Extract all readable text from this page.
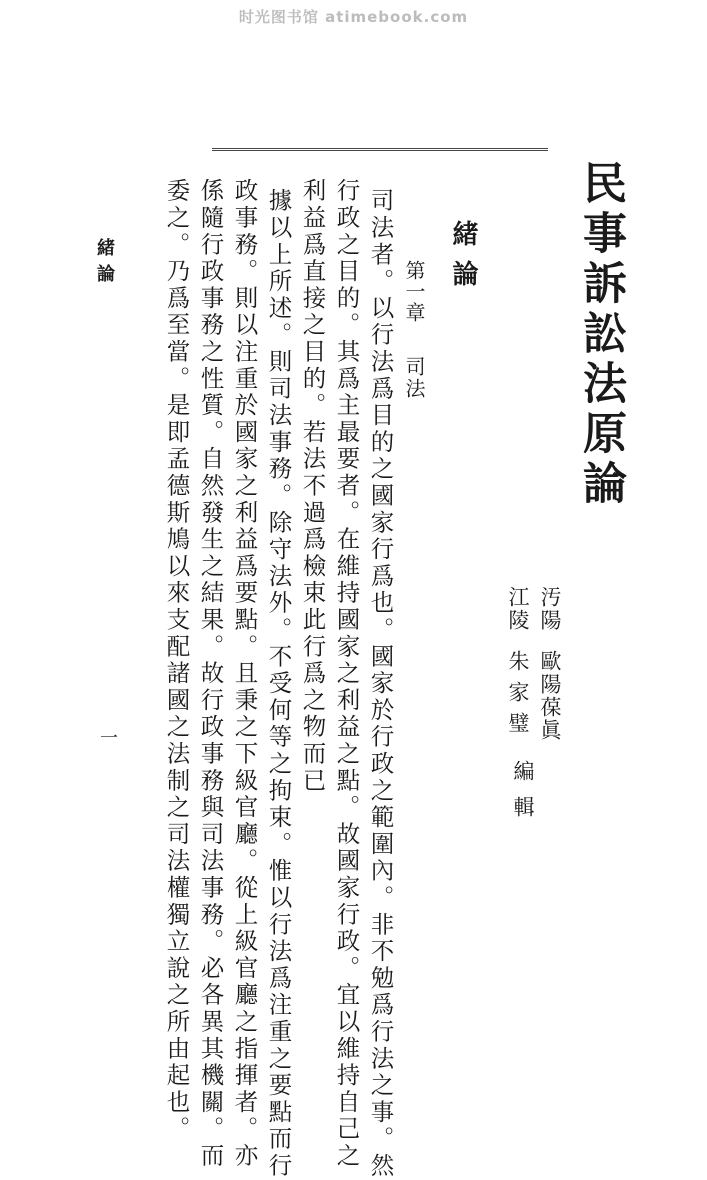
时光图书馆 atimebook.com
民事訴訟法原論
汚陽
歐陽葆眞
江陵
朱家璧
編
輯
緒論
第一章
司法
司法者。以行法爲目的之國家行爲也。國家於行政之範圍內。非不勉爲行法之事。然
行政之目的。其爲主最要者。在維持國家之利益之點。故國家行政。宜以維持自己之
利益爲直接之目的。若法不過爲檢束此行爲之物而已
據以上所述。則司法事務。除守法外。不受何等之拘束。惟以行法爲注重之要點而行
政事務。則以注重於國家之利益爲要點。且秉之下級官廳。從上級官廳之指揮者。亦
係隨行政事務之性質。自然發生之結果。故行政事務與司法事務。必各異其機關。而
委之。乃爲至當。是即孟德斯鳩以來支配諸國之法制之司法權獨立說之所由起也。
緒論
一
